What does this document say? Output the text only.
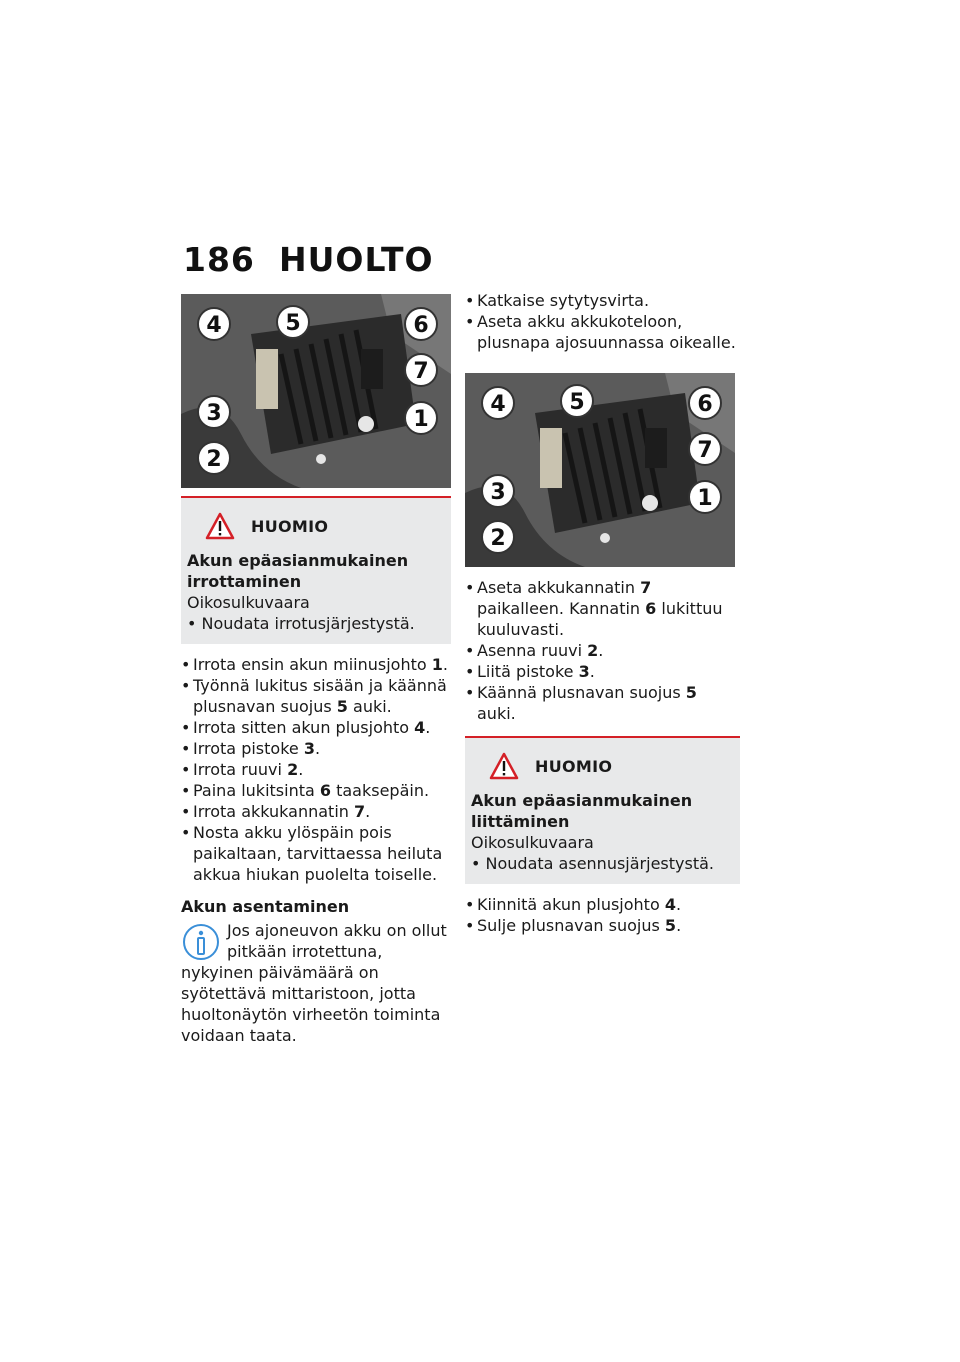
186 HUOLTO
4	5	6
7
3	1
2
HUOMIO
Akun epäasianmukainen irrottaminen
Oikosulkuvaara
• Noudata irrotusjärjestystä.
• Irrota ensin akun miinusjohto 1.
• Työnnä lukitus sisään ja käännä plusnavan suojus 5 auki.
• Irrota sitten akun plusjohto 4.
• Irrota pistoke 3.
• Irrota ruuvi 2.
• Paina lukitsinta 6 taaksepäin.
• Irrota akkukannatin 7.
• Nosta akku ylöspäin pois paikaltaan, tarvittaessa heiluta akkua hiukan puolelta toiselle.
Akun asentaminen
Jos ajoneuvon akku on ollut pitkään irrotettuna, nykyinen päivämäärä on syötettävä mittaristoon, jotta huoltonäytön virheetön toiminta voidaan taata.
• Katkaise sytytysvirta.
• Aseta akku akkukoteloon, plusnapa ajosuunnassa oikealle.
4	5	6
7
3	1
2
• Aseta akkukannatin 7 paikalleen. Kannatin 6 lukittuu kuuluvasti.
• Asenna ruuvi 2.
• Liitä pistoke 3.
• Käännä plusnavan suojus 5 auki.
HUOMIO
Akun epäasianmukainen liittäminen
Oikosulkuvaara
• Noudata asennusjärjestystä.
• Kiinnitä akun plusjohto 4.
• Sulje plusnavan suojus 5.
